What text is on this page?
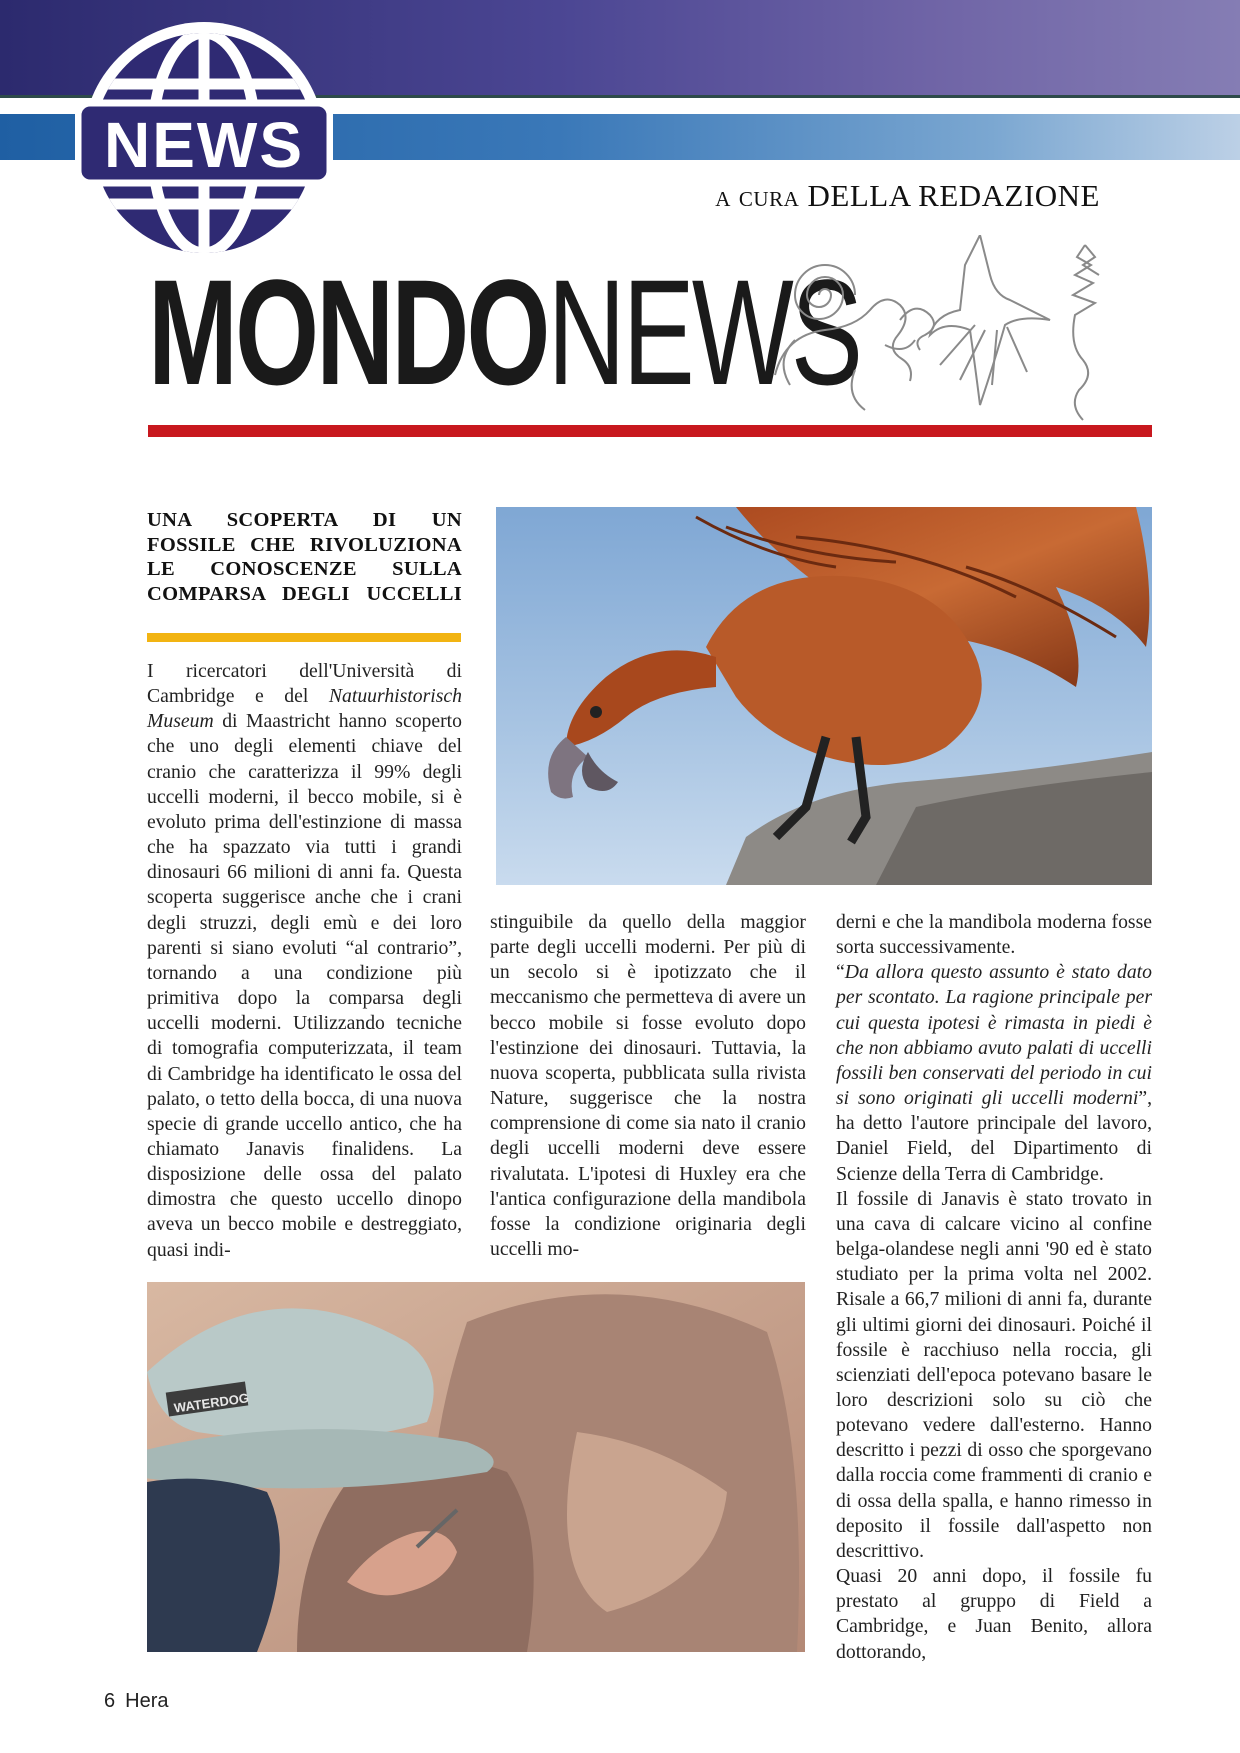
NEWS
a cura DELLA REDAZIONE
MONDONEWS
UNA SCOPERTA DI UN FOSSILE CHE RIVOLUZIONA LE CONOSCENZE SULLA COMPARSA DEGLI UCCELLI

I ricercatori dell'Università di Cambridge e del Natuurhistorisch Museum di Maastricht hanno scoperto che uno degli elementi chiave del cranio che caratterizza il 99% degli uccelli moderni, il becco mobile, si è evoluto prima dell'estinzione di massa che ha spazzato via tutti i grandi dinosauri 66 milioni di anni fa. Questa scoperta suggerisce anche che i crani degli struzzi, degli emù e dei loro parenti si siano evoluti “al contrario”, tornando a una condizione più primitiva dopo la comparsa degli uccelli moderni. Utilizzando tecniche di tomografia computerizzata, il team di Cambridge ha identificato le ossa del palato, o tetto della bocca, di una nuova specie di grande uccello antico, che ha chiamato Janavis finalidens. La disposizione delle ossa del palato dimostra che questo uccello dinopo aveva un becco mobile e destreggiato, quasi indi-

stinguibile da quello della maggior parte degli uccelli moderni. Per più di un secolo si è ipotizzato che il meccanismo che permetteva di avere un becco mobile si fosse evoluto dopo l'estinzione dei dinosauri. Tuttavia, la nuova scoperta, pubblicata sulla rivista Nature, suggerisce che la nostra comprensione di come sia nato il cranio degli uccelli moderni deve essere rivalutata. L'ipotesi di Huxley era che l'antica configurazione della mandibola fosse la condizione originaria degli uccelli mo-

derni e che la mandibola moderna fosse sorta successivamente.

“Da allora questo assunto è stato dato per scontato. La ragione principale per cui questa ipotesi è rimasta in piedi è che non abbiamo avuto palati di uccelli fossili ben conservati del periodo in cui si sono originati gli uccelli moderni”, ha detto l'autore principale del lavoro, Daniel Field, del Dipartimento di Scienze della Terra di Cambridge.

Il fossile di Janavis è stato trovato in una cava di calcare vicino al confine belga-olandese negli anni '90 ed è stato studiato per la prima volta nel 2002. Risale a 66,7 milioni di anni fa, durante gli ultimi giorni dei dinosauri. Poiché il fossile è racchiuso nella roccia, gli scienziati dell'epoca potevano basare le loro descrizioni solo su ciò che potevano vedere dall'esterno. Hanno descritto i pezzi di osso che sporgevano dalla roccia come frammenti di cranio e di ossa della spalla, e hanno rimesso in deposito il fossile dall'aspetto non descrittivo.

Quasi 20 anni dopo, il fossile fu prestato al gruppo di Field a Cambridge, e Juan Benito, allora dottorando,

WATERDOG
6 Hera
